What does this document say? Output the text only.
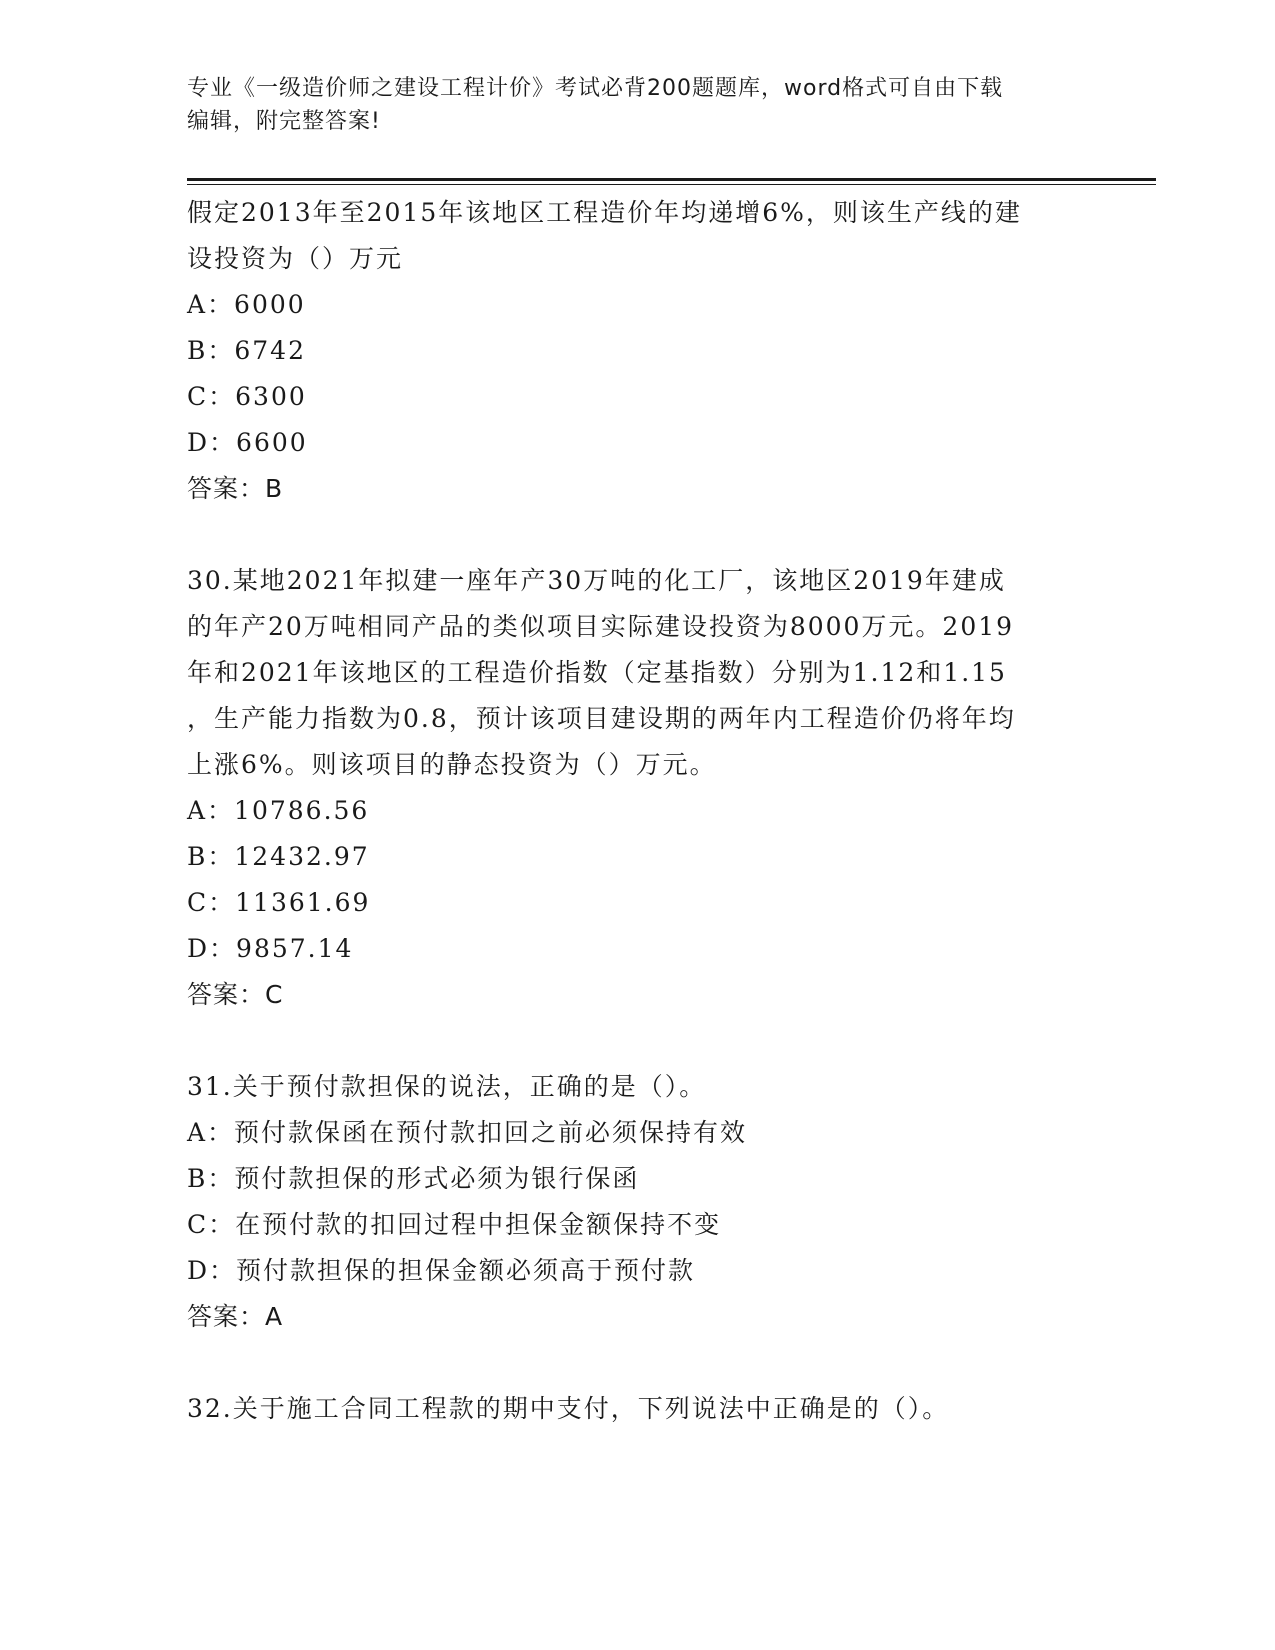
专业《一级造价师之建设工程计价》考试必背200题题库，word格式可自由下载
编辑，附完整答案!
假定2013年至2015年该地区工程造价年均递增6%，则该生产线的建
设投资为（）万元
A：6000
B：6742
C：6300
D：6600
答案：B
30.某地2021年拟建一座年产30万吨的化工厂，该地区2019年建成
的年产20万吨相同产品的类似项目实际建设投资为8000万元。2019
年和2021年该地区的工程造价指数（定基指数）分别为1.12和1.15
，生产能力指数为0.8，预计该项目建设期的两年内工程造价仍将年均
上涨6%。则该项目的静态投资为（）万元。
A：10786.56
B：12432.97
C：11361.69
D：9857.14
答案：C
31.关于预付款担保的说法，正确的是（）。
A：预付款保函在预付款扣回之前必须保持有效
B：预付款担保的形式必须为银行保函
C：在预付款的扣回过程中担保金额保持不变
D：预付款担保的担保金额必须高于预付款
答案：A
32.关于施工合同工程款的期中支付，下列说法中正确是的（）。
